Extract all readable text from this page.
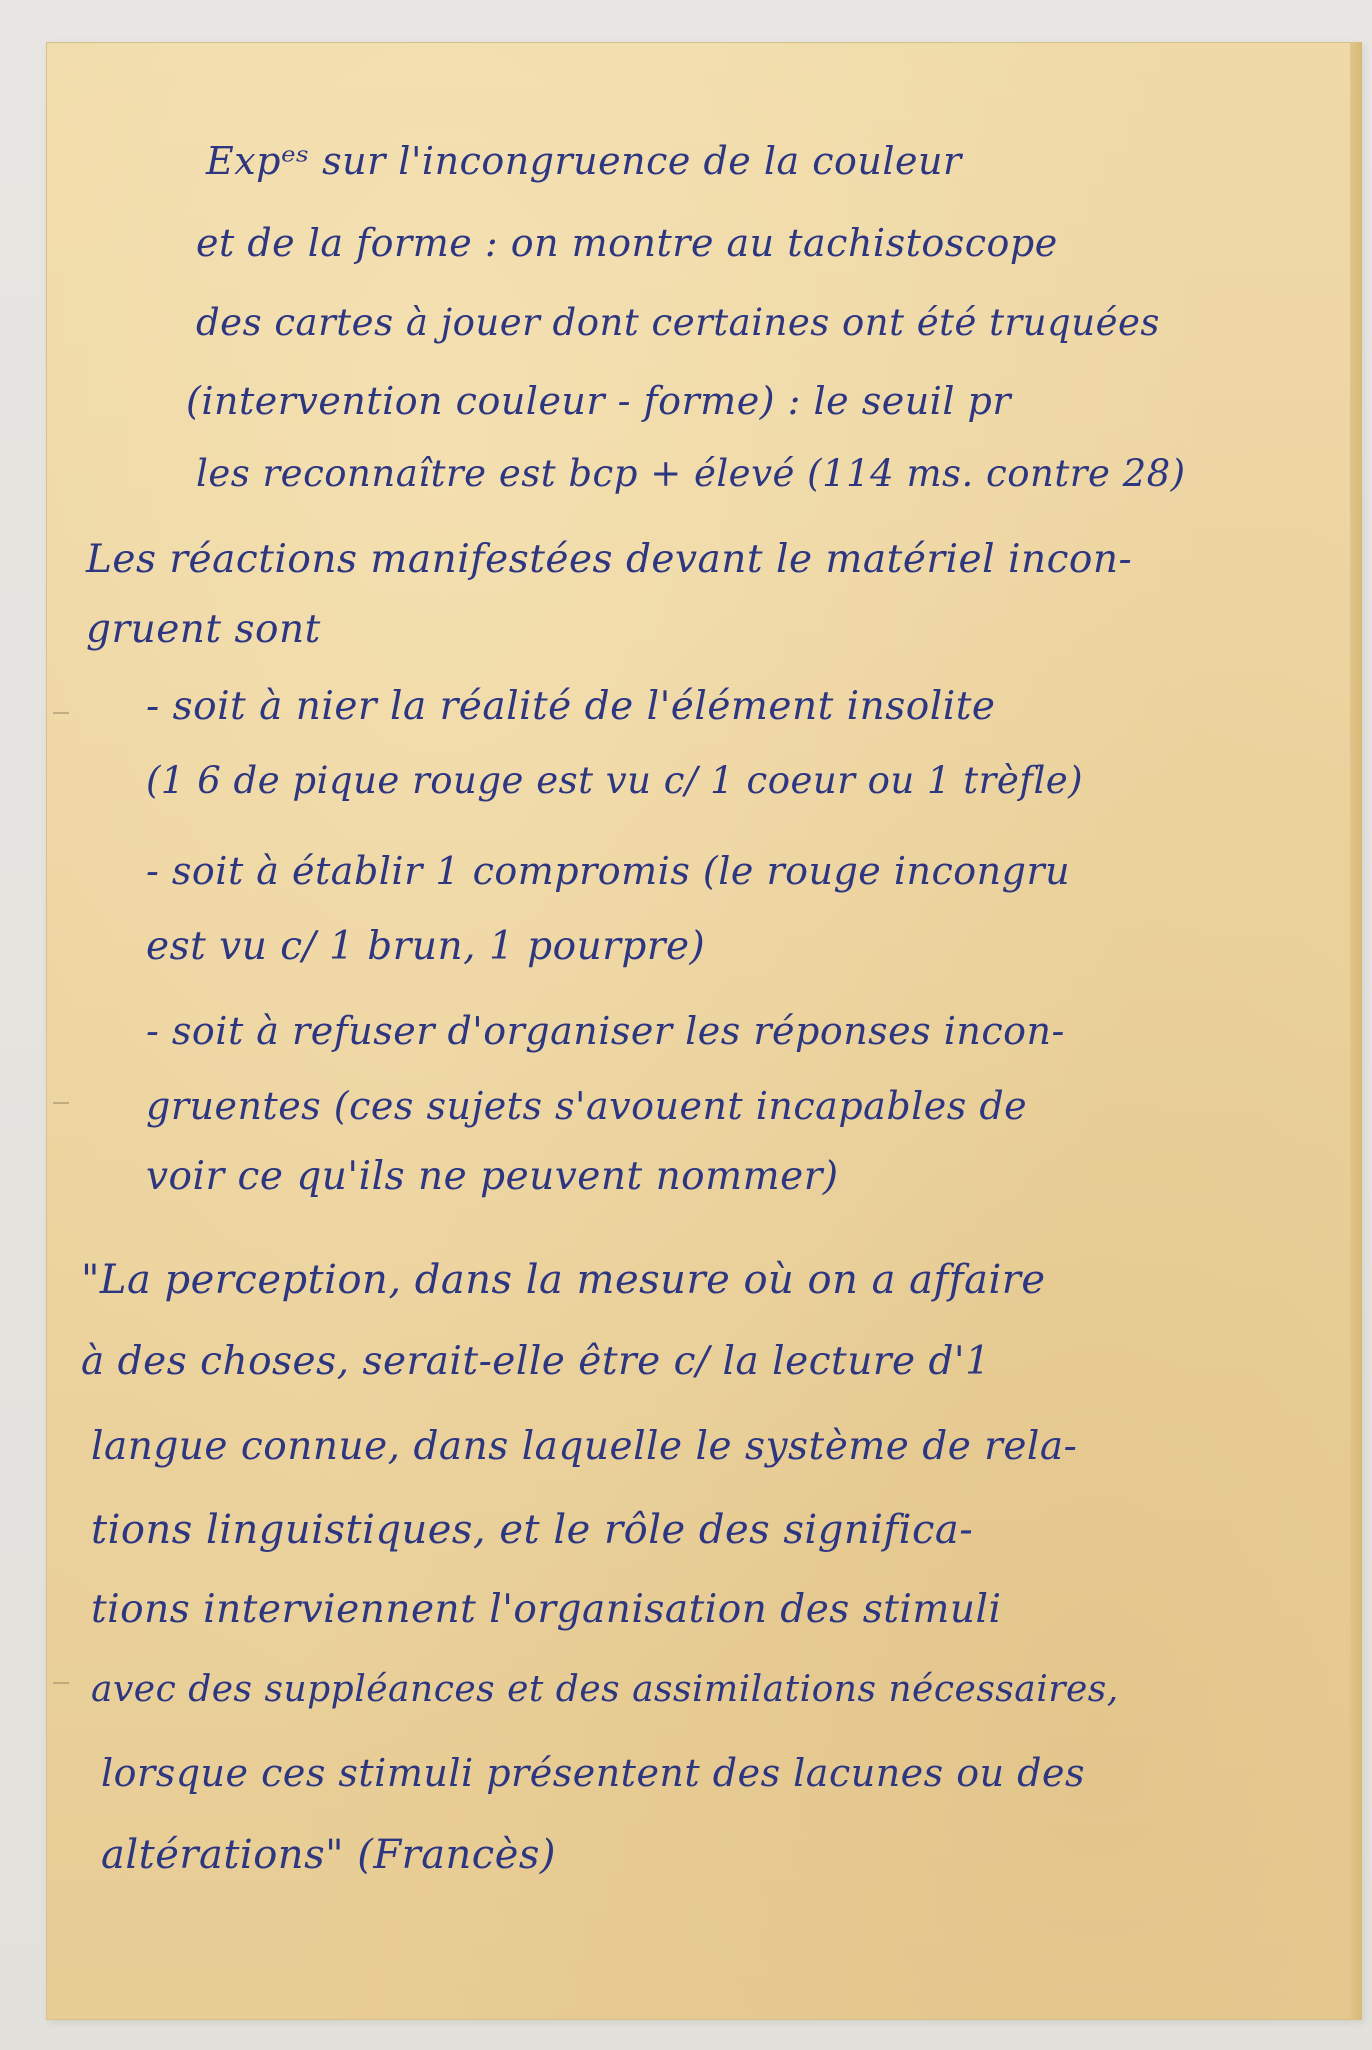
Expᵉˢ sur l'incongruence de la couleur
et de la forme : on montre au tachistoscope
des cartes à jouer dont certaines ont été truquées
(intervention couleur - forme) : le seuil pr
les reconnaître est bcp + élevé (114 ms. contre 28)
Les réactions manifestées devant le matériel incon-
gruent sont
- soit à nier la réalité de l'élément insolite
(1 6 de pique rouge est vu c/ 1 coeur ou 1 trèfle)
- soit à établir 1 compromis (le rouge incongru
est vu c/ 1 brun, 1 pourpre)
- soit à refuser d'organiser les réponses incon-
gruentes (ces sujets s'avouent incapables de
voir ce qu'ils ne peuvent nommer)
"La perception, dans la mesure où on a affaire
à des choses, serait-elle être c/ la lecture d'1
langue connue, dans laquelle le système de rela-
tions linguistiques, et le rôle des significa-
tions interviennent l'organisation des stimuli
avec des suppléances et des assimilations nécessaires,
lorsque ces stimuli présentent des lacunes ou des
altérations" (Francès)
